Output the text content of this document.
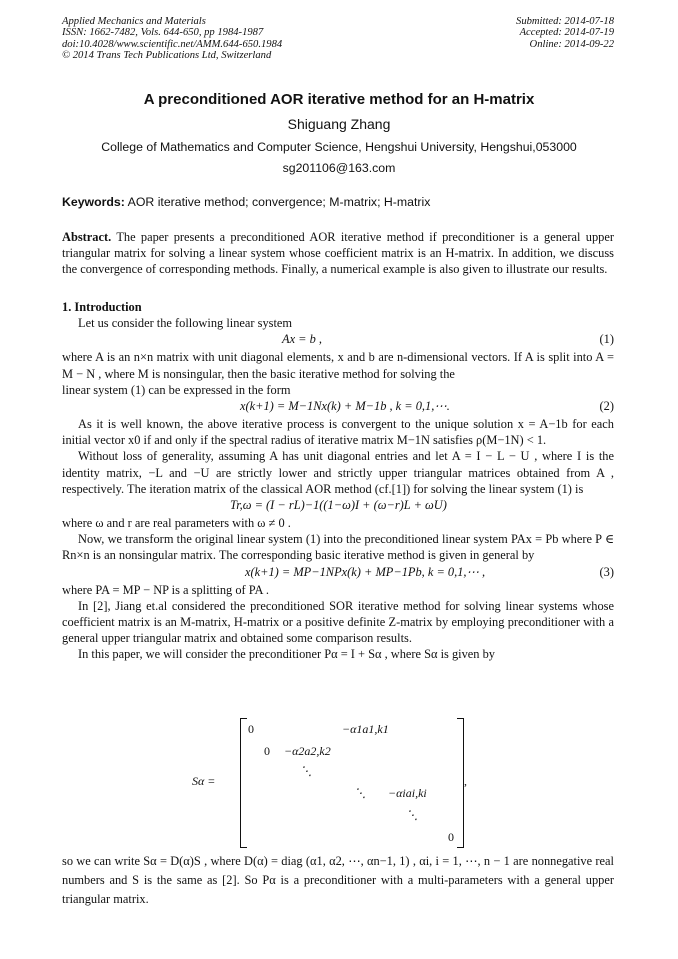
Applied Mechanics and Materials
ISSN: 1662-7482, Vols. 644-650, pp 1984-1987
doi:10.4028/www.scientific.net/AMM.644-650.1984
© 2014 Trans Tech Publications Ltd, Switzerland
Submitted: 2014-07-18
Accepted: 2014-07-19
Online: 2014-09-22
A preconditioned AOR iterative method for an H-matrix
Shiguang Zhang
College of Mathematics and Computer Science, Hengshui University, Hengshui,053000
sg201106@163.com
Keywords: AOR iterative method; convergence; M-matrix; H-matrix
Abstract. The paper presents a preconditioned AOR iterative method if preconditioner is a general upper triangular matrix for solving a linear system whose coefficient matrix is an H-matrix. In addition, we discuss the convergence of corresponding methods. Finally, a numerical example is also given to illustrate our results.
1. Introduction
Let us consider the following linear system
Ax = b ,	(1)
where A is an n×n matrix with unit diagonal elements, x and b are n-dimensional vectors. If A is split into A = M − N , where M is nonsingular, then the basic iterative method for solving the
linear system (1) can be expressed in the form
x(k+1) = M−1Nx(k) + M−1b , k = 0,1,⋯.	(2)
As it is well known, the above iterative process is convergent to the unique solution x = A−1b for each initial vector x0 if and only if the spectral radius of iterative matrix M−1N satisfies ρ(M−1N) < 1.
Without loss of generality, assuming A has unit diagonal entries and let A = I − L − U , where I is the identity matrix, −L and −U are strictly lower and strictly upper triangular matrices obtained from A , respectively. The iteration matrix of the classical AOR method (cf.[1]) for solving the linear system (1) is
Tr,ω = (I − rL)−1((1−ω)I + (ω−r)L + ωU)
where ω and r are real parameters with ω ≠ 0 .
Now, we transform the original linear system (1) into the preconditioned linear system PAx = Pb where P ∈ Rn×n is an nonsingular matrix. The corresponding basic iterative method is given in general by
x(k+1) = MP−1NPx(k) + MP−1Pb, k = 0,1,⋯ ,	(3)
where PA = MP − NP is a splitting of PA .
In [2], Jiang et.al considered the preconditioned SOR iterative method for solving linear systems whose coefficient matrix is an M-matrix, H-matrix or a positive definite Z-matrix by employing preconditioner with a general upper triangular matrix and obtained some comparison results.
In this paper, we will consider the preconditioner Pα = I + Sα , where Sα is given by
Sα =
0	−α1a1,k1
0 −α2a2,k2
⋱
⋱ −αiai,ki
⋱
0
,
so we can write Sα = D(α)S , where D(α) = diag (α1, α2, ⋯, αn−1, 1) , αi, i = 1, ⋯, n − 1 are nonnegative real numbers and S is the same as [2]. So Pα is a preconditioner with a multi-parameters with a general upper triangular matrix.
